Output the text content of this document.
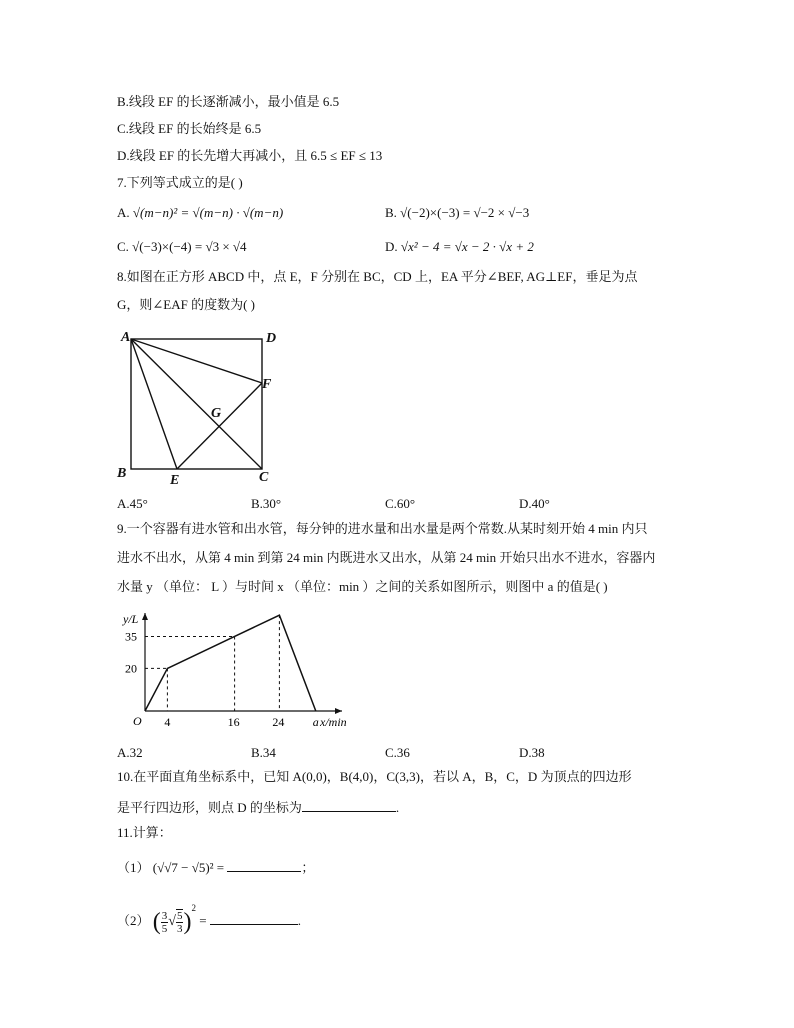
B.线段 EF 的长逐渐减小，最小值是 6.5
C.线段 EF 的长始终是 6.5
D.线段 EF 的长先增大再减小，且 6.5 ≤ EF ≤ 13
7.下列等式成立的是( )
A. √(m−n)² = √(m−n) · √(m−n)	B. √(−2)×(−3) = √−2 × √−3
C. √(−3)×(−4) = √3 × √4	D. √x² − 4 = √x − 2 · √x + 2
8.如图在正方形 ABCD 中，点 E，F 分别在 BC，CD 上，EA 平分∠BEF, AG⊥EF，垂足为点
G，则∠EAF 的度数为( )
A	D
F
G
B	E	C
A.45°	B.30°	C.60°	D.40°
9.一个容器有进水管和出水管，每分钟的进水量和出水量是两个常数.从某时刻开始 4 min 内只
进水不出水，从第 4 min 到第 24 min 内既进水又出水，从第 24 min 开始只出水不进水，容器内
水量 y （单位： L ）与时间 x （单位：min ）之间的关系如图所示，则图中 a 的值是( )
x/min
y/L
O 4	16	24 a
20
35
A.32	B.34	C.36	D.38
10.在平面直角坐标系中，已知 A(0,0)，B(4,0)，C(3,3)，若以 A，B，C，D 为顶点的四边形
是平行四边形，则点 D 的坐标为	.
11.计算：
（1） (√√7 − √5)² =	；
（2） ( $\frac{3}{5}$ √ $\frac{5}{3} )^2$ =	.
